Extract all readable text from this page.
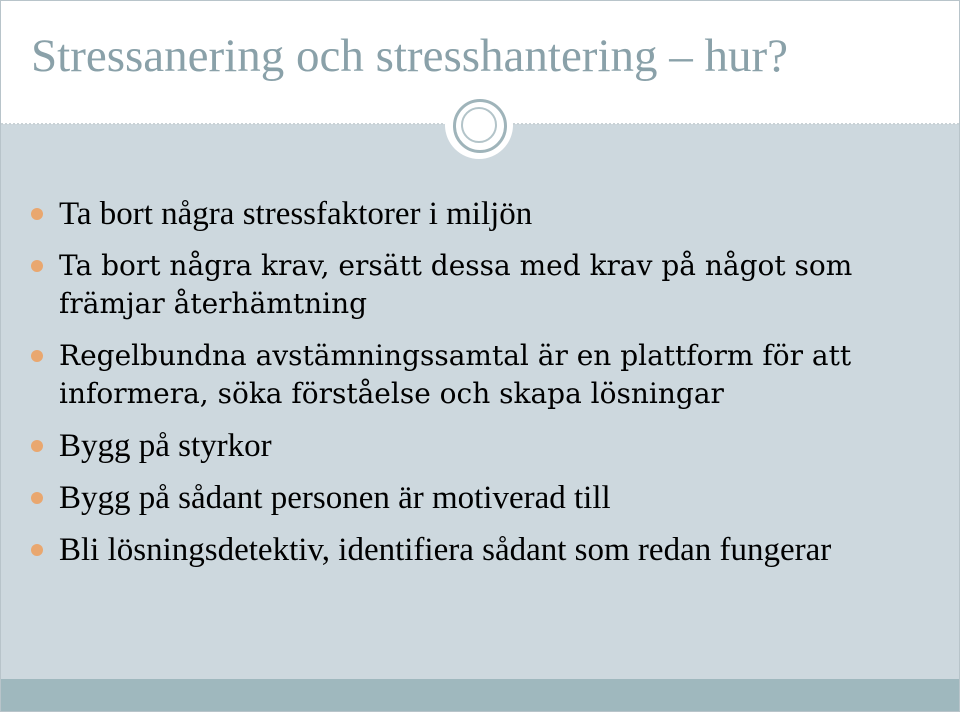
Stressanering och stresshantering – hur?
Ta bort några stressfaktorer i miljön
Ta bort några krav, ersätt dessa med krav på något som främjar återhämtning
Regelbundna avstämningssamtal är en plattform för att informera, söka förståelse och skapa lösningar
Bygg på styrkor
Bygg på sådant personen är motiverad till
Bli lösningsdetektiv, identifiera sådant som redan fungerar
